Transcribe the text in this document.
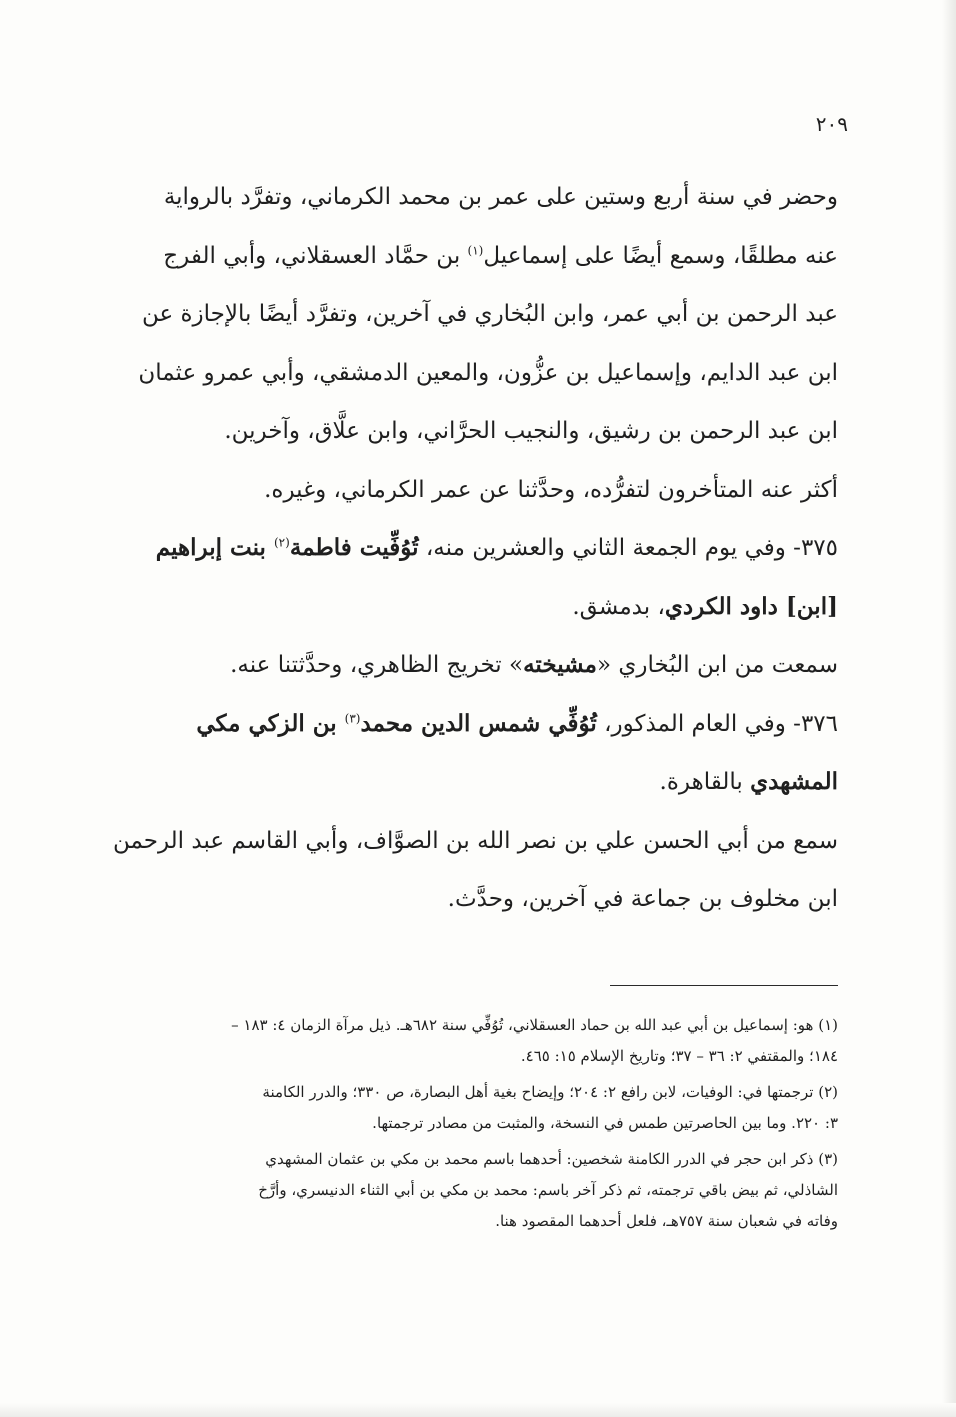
٢٠٩

وحضر في سنة أربع وستين على عمر بن محمد الكرماني، وتفرَّد بالرواية
عنه مطلقًا، وسمع أيضًا على إسماعيل$^{(١)}$ بن حمَّاد العسقلاني، وأبي الفرج
عبد الرحمن بن أبي عمر، وابن البُخاري في آخرين، وتفرَّد أيضًا بالإجازة عن
ابن عبد الدايم، وإسماعيل بن عزُّون، والمعين الدمشقي، وأبي عمرو عثمان
ابن عبد الرحمن بن رشيق، والنجيب الحرَّاني، وابن علَّاق، وآخرين.

أكثر عنه المتأخرون لتفرُّده، وحدَّثنا عن عمر الكرماني، وغيره.

٣٧٥- وفي يوم الجمعة الثاني والعشرين منه، تُوُفِّيت فاطمة$^{(٢)}$ بنت إبراهيم
[ابن] داود الكردي، بدمشق.

سمعت من ابن البُخاري «مشيخته» تخريج الظاهري، وحدَّثتنا عنه.

٣٧٦- وفي العام المذكور، تُوُفِّي شمس الدين محمد$^{(٣)}$ بن الزكي مكي
المشهدي بالقاهرة.

سمع من أبي الحسن علي بن نصر الله بن الصوَّاف، وأبي القاسم عبد الرحمن
ابن مخلوف بن جماعة في آخرين، وحدَّث.

(١) هو: إسماعيل بن أبي عبد الله بن حماد العسقلاني، تُوُفِّي سنة ٦٨٢هـ. ذيل مرآة الزمان ٤: ١٨٣ –
١٨٤؛ والمقتفي ٢: ٣٦ – ٣٧؛ وتاريخ الإسلام ١٥: ٤٦٥.

(٢) ترجمتها في: الوفيات، لابن رافع ٢: ٢٠٤؛ وإيضاح بغية أهل البصارة، ص ٣٣٠؛ والدرر الكامنة
٣: ٢٢٠. وما بين الحاصرتين طمس في النسخة، والمثبت من مصادر ترجمتها.

(٣) ذكر ابن حجر في الدرر الكامنة شخصين: أحدهما باسم محمد بن مكي بن عثمان المشهدي
الشاذلي، ثم بيض باقي ترجمته، ثم ذكر آخر باسم: محمد بن مكي بن أبي الثناء الدنيسري، وأرَّخ
وفاته في شعبان سنة ٧٥٧هـ، فلعل أحدهما المقصود هنا.
